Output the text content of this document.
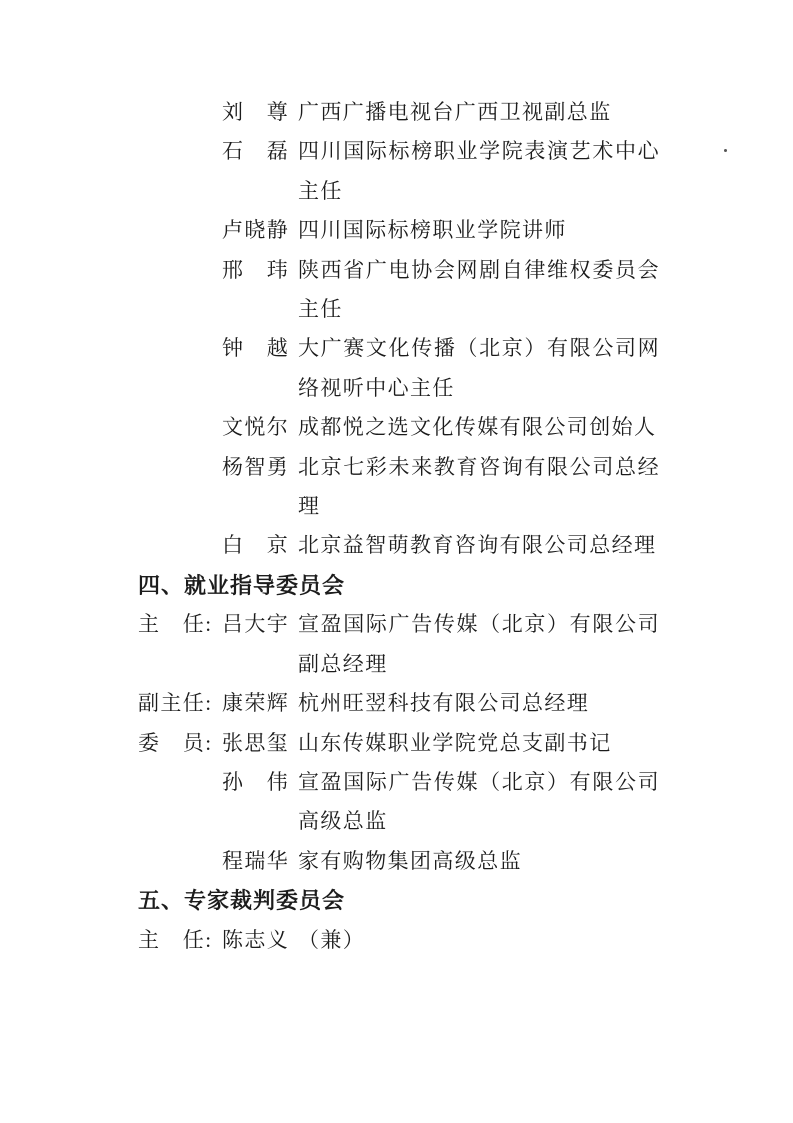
刘　尊 广西广播电视台广西卫视副总监
石　磊 四川国际标榜职业学院表演艺术中心主任
卢晓静 四川国际标榜职业学院讲师
邢　玮 陕西省广电协会网剧自律维权委员会主任
钟　越 大广赛文化传播（北京）有限公司网络视听中心主任
文悦尔 成都悦之选文化传媒有限公司创始人
杨智勇 北京七彩未来教育咨询有限公司总经理
白　京 北京益智萌教育咨询有限公司总经理
四、就业指导委员会
主　任: 吕大宇 宣盈国际广告传媒（北京）有限公司副总经理
副主任: 康荣辉 杭州旺翌科技有限公司总经理
委　员: 张思玺 山东传媒职业学院党总支副书记
孙　伟 宣盈国际广告传媒（北京）有限公司高级总监
程瑞华 家有购物集团高级总监
五、专家裁判委员会
主　任: 陈志义 （兼）
